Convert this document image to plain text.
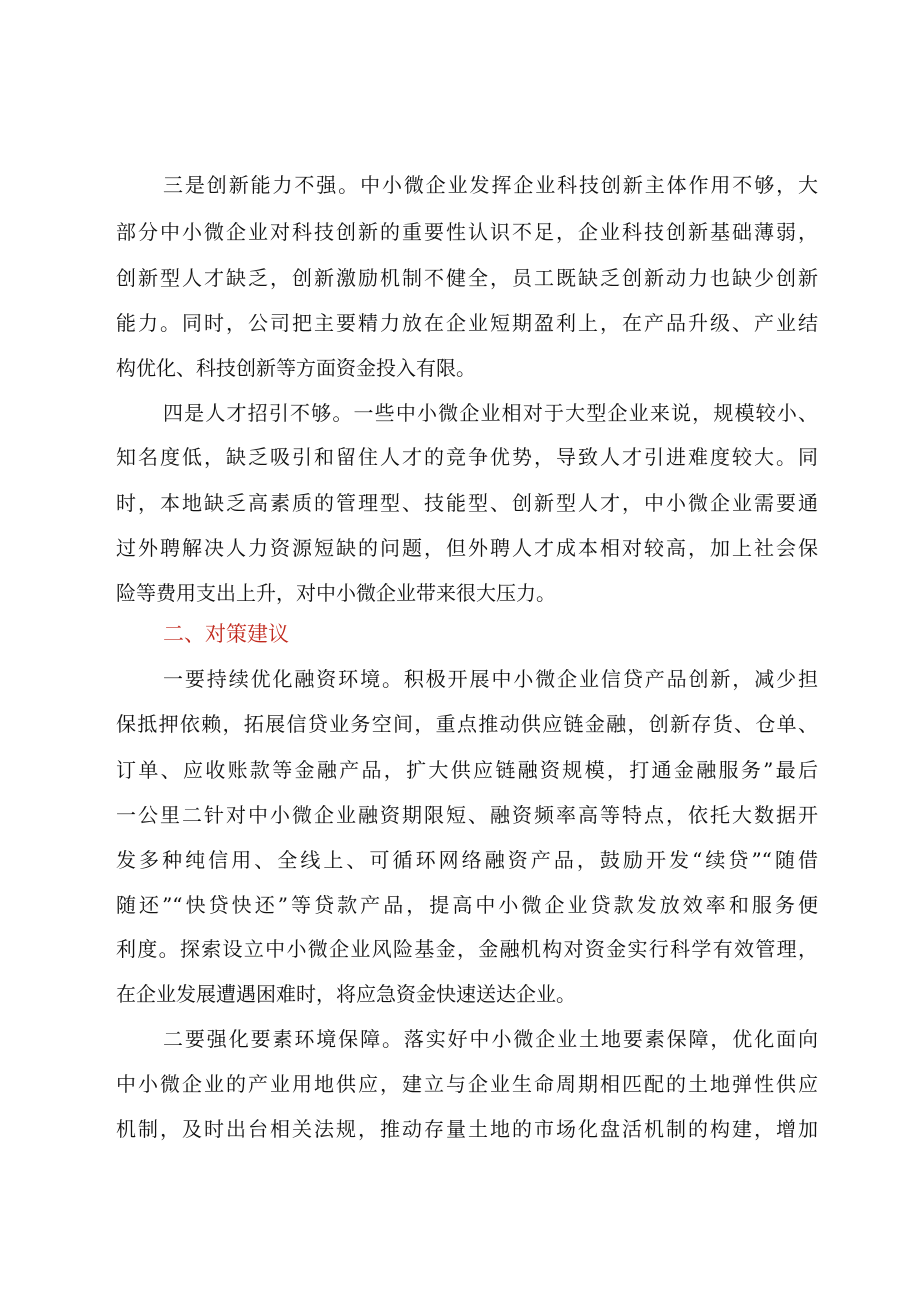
三是创新能力不强。中小微企业发挥企业科技创新主体作用不够，大
部分中小微企业对科技创新的重要性认识不足，企业科技创新基础薄弱，
创新型人才缺乏，创新激励机制不健全，员工既缺乏创新动力也缺少创新
能力。同时，公司把主要精力放在企业短期盈利上，在产品升级、产业结
构优化、科技创新等方面资金投入有限。
四是人才招引不够。一些中小微企业相对于大型企业来说，规模较小、
知名度低，缺乏吸引和留住人才的竞争优势，导致人才引进难度较大。同
时，本地缺乏高素质的管理型、技能型、创新型人才，中小微企业需要通
过外聘解决人力资源短缺的问题，但外聘人才成本相对较高，加上社会保
险等费用支出上升，对中小微企业带来很大压力。
二、对策建议
一要持续优化融资环境。积极开展中小微企业信贷产品创新，减少担
保抵押依赖，拓展信贷业务空间，重点推动供应链金融，创新存货、仓单、
订单、应收账款等金融产品，扩大供应链融资规模，打通金融服务”最后
一公里二针对中小微企业融资期限短、融资频率高等特点，依托大数据开
发多种纯信用、全线上、可循环网络融资产品，鼓励开发“续贷”“随借
随还”“快贷快还”等贷款产品，提高中小微企业贷款发放效率和服务便
利度。探索设立中小微企业风险基金，金融机构对资金实行科学有效管理，
在企业发展遭遇困难时，将应急资金快速送达企业。
二要强化要素环境保障。落实好中小微企业土地要素保障，优化面向
中小微企业的产业用地供应，建立与企业生命周期相匹配的土地弹性供应
机制，及时出台相关法规，推动存量土地的市场化盘活机制的构建，增加
